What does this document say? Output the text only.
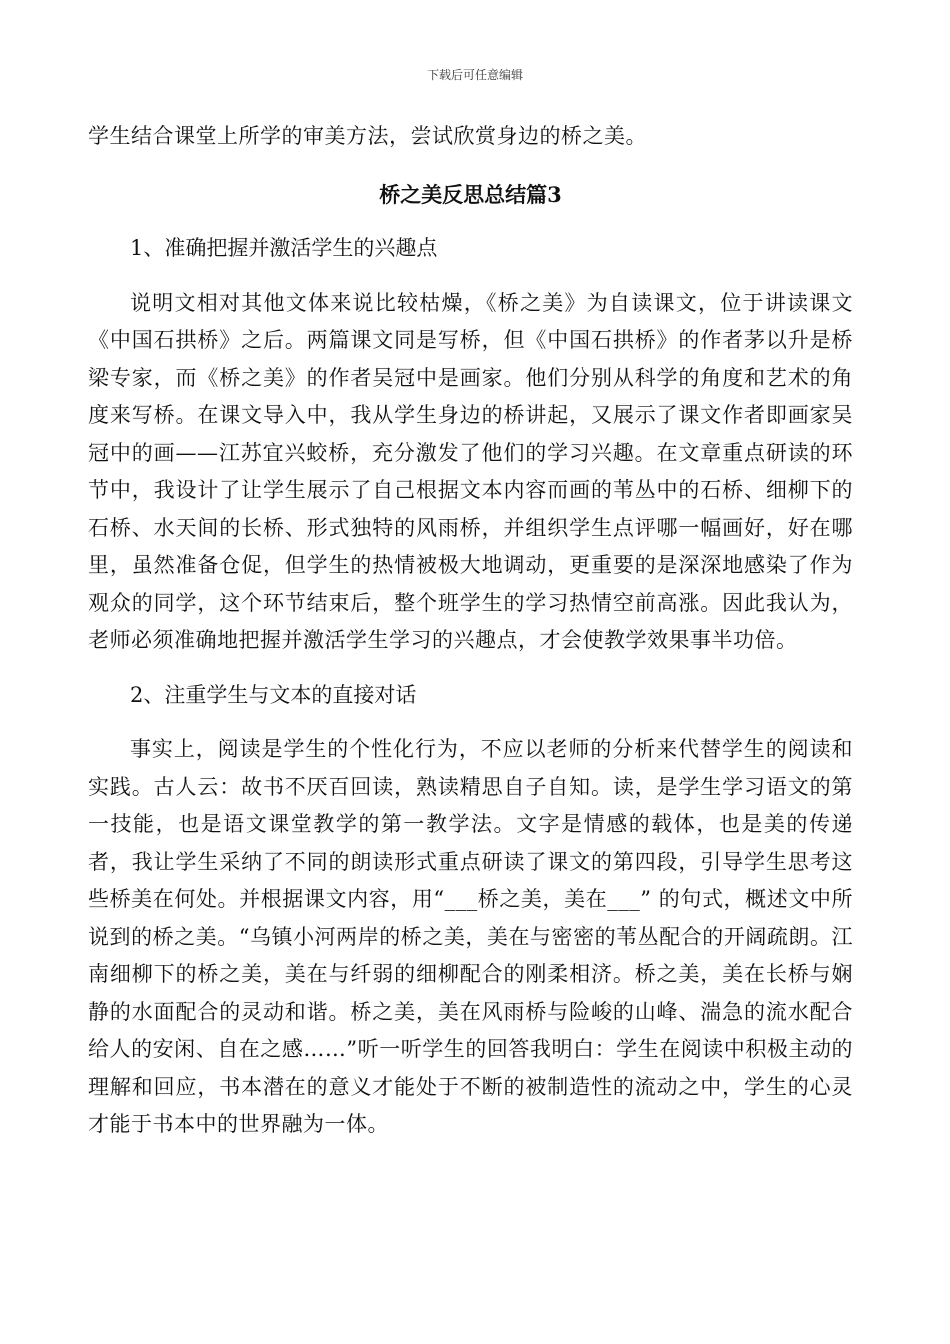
下载后可任意编辑

学生结合课堂上所学的审美方法，尝试欣赏身边的桥之美。

桥之美反思总结篇3
1、准确把握并激活学生的兴趣点

说明文相对其他文体来说比较枯燥，《桥之美》为自读课文，位于讲读课文《中国石拱桥》之后。两篇课文同是写桥，但《中国石拱桥》的作者茅以升是桥梁专家，而《桥之美》的作者吴冠中是画家。他们分别从科学的角度和艺术的角度来写桥。在课文导入中，我从学生身边的桥讲起，又展示了课文作者即画家吴冠中的画——江苏宜兴蛟桥，充分激发了他们的学习兴趣。在文章重点研读的环节中，我设计了让学生展示了自己根据文本内容而画的苇丛中的石桥、细柳下的石桥、水天间的长桥、形式独特的风雨桥，并组织学生点评哪一幅画好，好在哪里，虽然准备仓促，但学生的热情被极大地调动，更重要的是深深地感染了作为观众的同学，这个环节结束后，整个班学生的学习热情空前高涨。因此我认为，老师必须准确地把握并激活学生学习的兴趣点，才会使教学效果事半功倍。

2、注重学生与文本的直接对话

事实上，阅读是学生的个性化行为，不应以老师的分析来代替学生的阅读和实践。古人云：故书不厌百回读，熟读精思自子自知。读，是学生学习语文的第一技能，也是语文课堂教学的第一教学法。文字是情感的载体，也是美的传递者，我让学生采纳了不同的朗读形式重点研读了课文的第四段，引导学生思考这些桥美在何处。并根据课文内容，用“___桥之美，美在___” 的句式，概述文中所说到的桥之美。“乌镇小河两岸的桥之美，美在与密密的苇丛配合的开阔疏朗。江南细柳下的桥之美，美在与纤弱的细柳配合的刚柔相济。桥之美，美在长桥与娴静的水面配合的灵动和谐。桥之美，美在风雨桥与险峻的山峰、湍急的流水配合给人的安闲、自在之感……”听一听学生的回答我明白：学生在阅读中积极主动的理解和回应，书本潜在的意义才能处于不断的被制造性的流动之中，学生的心灵才能于书本中的世界融为一体。
